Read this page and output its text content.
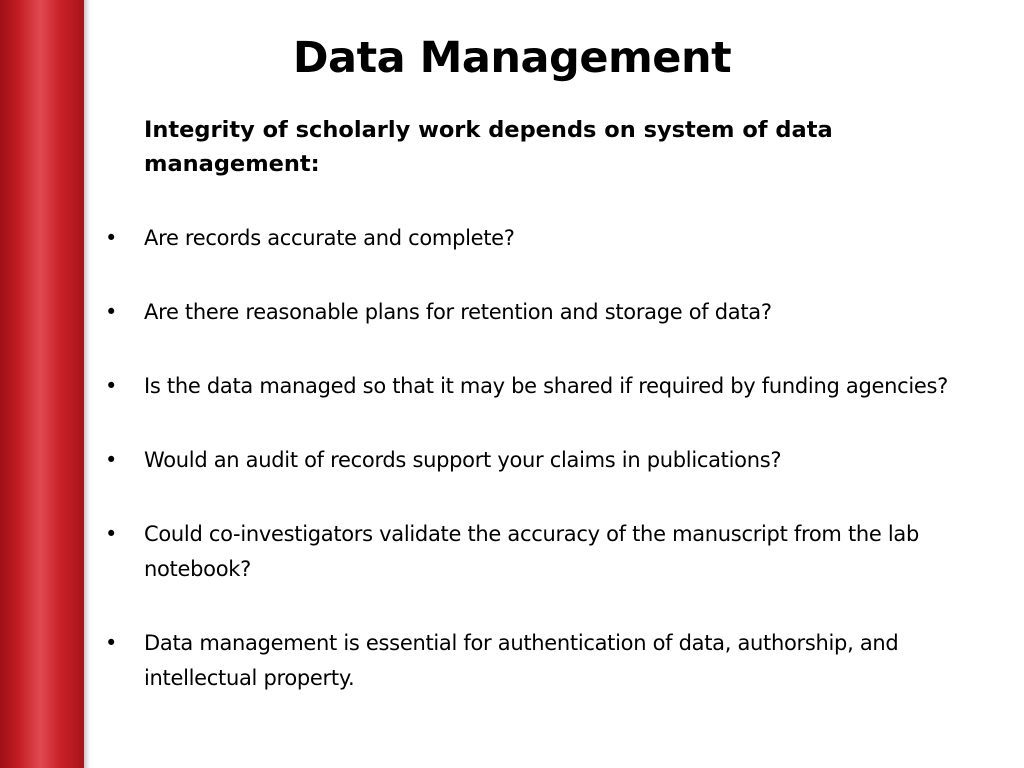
Data Management
Integrity of scholarly work depends on system of data management:
• Are records accurate and complete?
• Are there reasonable plans for retention and storage of data?
• Is the data managed so that it may be shared if required by funding agencies?
• Would an audit of records support your claims in publications?
• Could co-investigators validate the accuracy of the manuscript from the lab notebook?
• Data management is essential for authentication of data, authorship, and intellectual property.
